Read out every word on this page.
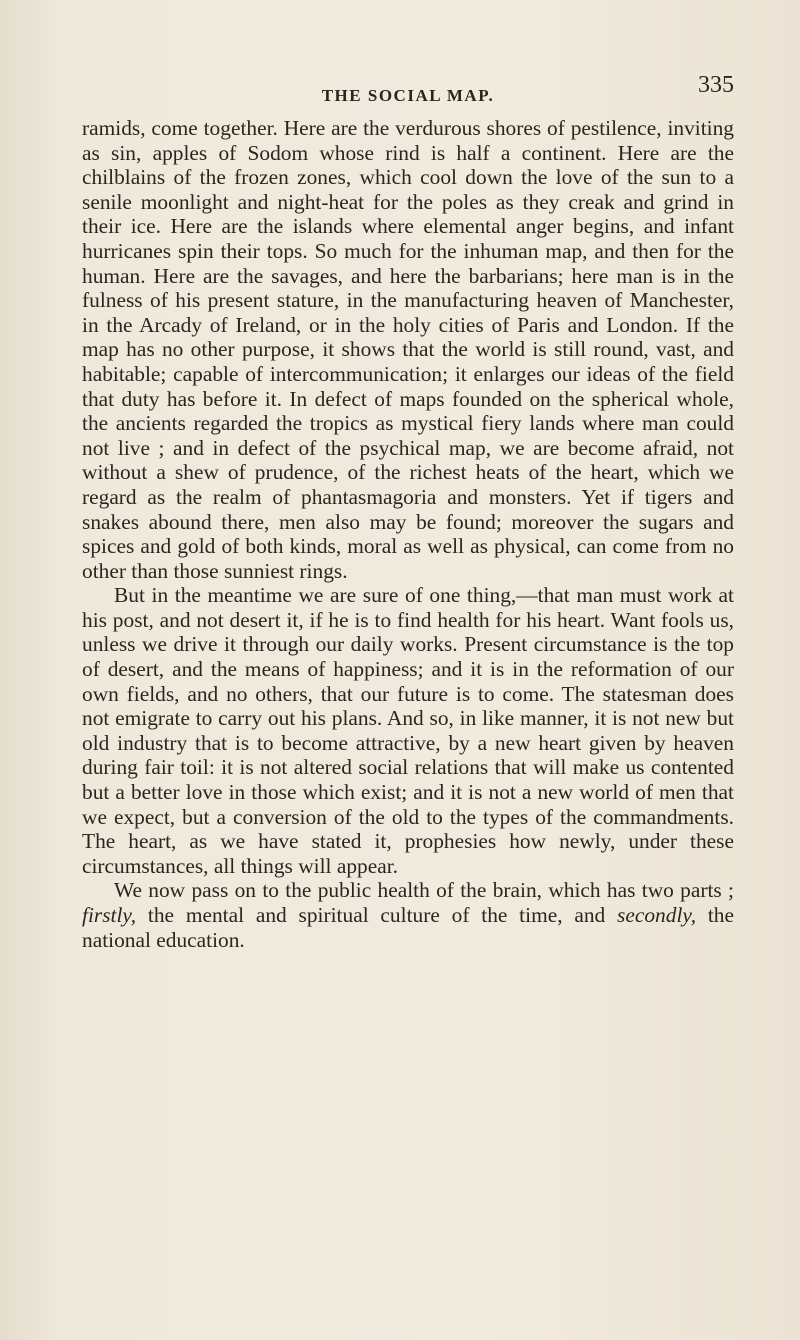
THE SOCIAL MAP.	335

ramids, come together. Here are the verdurous shores of pestilence, inviting as sin, apples of Sodom whose rind is half a continent. Here are the chilblains of the frozen zones, which cool down the love of the sun to a senile moonlight and night-heat for the poles as they creak and grind in their ice. Here are the islands where elemental anger begins, and infant hurricanes spin their tops. So much for the inhuman map, and then for the human. Here are the savages, and here the barbarians; here man is in the fulness of his present stature, in the manufacturing heaven of Manchester, in the Arcady of Ireland, or in the holy cities of Paris and London. If the map has no other purpose, it shows that the world is still round, vast, and habitable; capable of intercommunication; it enlarges our ideas of the field that duty has before it. In defect of maps founded on the spherical whole, the ancients regarded the tropics as mystical fiery lands where man could not live ; and in defect of the psychical map, we are become afraid, not without a shew of prudence, of the richest heats of the heart, which we regard as the realm of phantasmagoria and monsters. Yet if tigers and snakes abound there, men also may be found; moreover the sugars and spices and gold of both kinds, moral as well as physical, can come from no other than those sunniest rings.

But in the meantime we are sure of one thing,—that man must work at his post, and not desert it, if he is to find health for his heart. Want fools us, unless we drive it through our daily works. Present circumstance is the top of desert, and the means of happiness; and it is in the reformation of our own fields, and no others, that our future is to come. The statesman does not emigrate to carry out his plans. And so, in like manner, it is not new but old industry that is to become attractive, by a new heart given by heaven during fair toil: it is not altered social relations that will make us contented but a better love in those which exist; and it is not a new world of men that we expect, but a conversion of the old to the types of the commandments. The heart, as we have stated it, prophesies how newly, under these circumstances, all things will appear.

We now pass on to the public health of the brain, which has two parts ; firstly, the mental and spiritual culture of the time, and secondly, the national education.
